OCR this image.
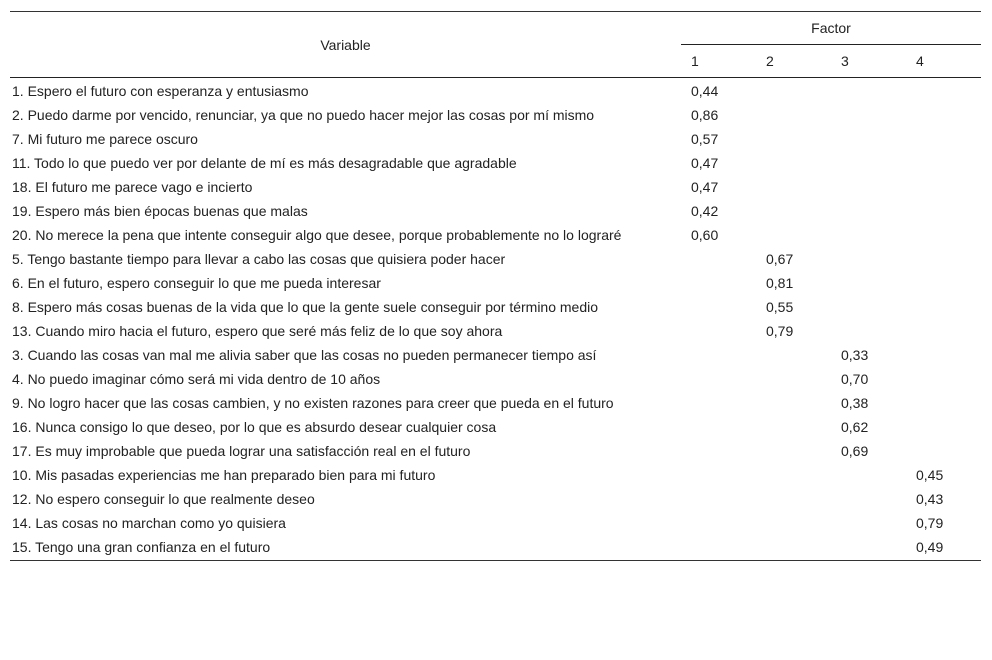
Variable	Factor			
	1	2	3	4
1. Espero el futuro con esperanza y entusiasmo	0,44			
2. Puedo darme por vencido, renunciar, ya que no puedo hacer mejor las cosas por mí mismo	0,86			
7. Mi futuro me parece oscuro	0,57			
11. Todo lo que puedo ver por delante de mí es más desagradable que agradable	0,47			
18. El futuro me parece vago e incierto	0,47			
19. Espero más bien épocas buenas que malas	0,42			
20. No merece la pena que intente conseguir algo que desee, porque probablemente no lo lograré	0,60			
5. Tengo bastante tiempo para llevar a cabo las cosas que quisiera poder hacer		0,67		
6. En el futuro, espero conseguir lo que me pueda interesar		0,81		
8. Espero más cosas buenas de la vida que lo que la gente suele conseguir por término medio		0,55		
13. Cuando miro hacia el futuro, espero que seré más feliz de lo que soy ahora		0,79		
3. Cuando las cosas van mal me alivia saber que las cosas no pueden permanecer tiempo así			0,33	
4. No puedo imaginar cómo será mi vida dentro de 10 años			0,70	
9. No logro hacer que las cosas cambien, y no existen razones para creer que pueda en el futuro			0,38	
16. Nunca consigo lo que deseo, por lo que es absurdo desear cualquier cosa			0,62	
17. Es muy improbable que pueda lograr una satisfacción real en el futuro			0,69	
10. Mis pasadas experiencias me han preparado bien para mi futuro				0,45
12. No espero conseguir lo que realmente deseo				0,43
14. Las cosas no marchan como yo quisiera				0,79
15. Tengo una gran confianza en el futuro				0,49
